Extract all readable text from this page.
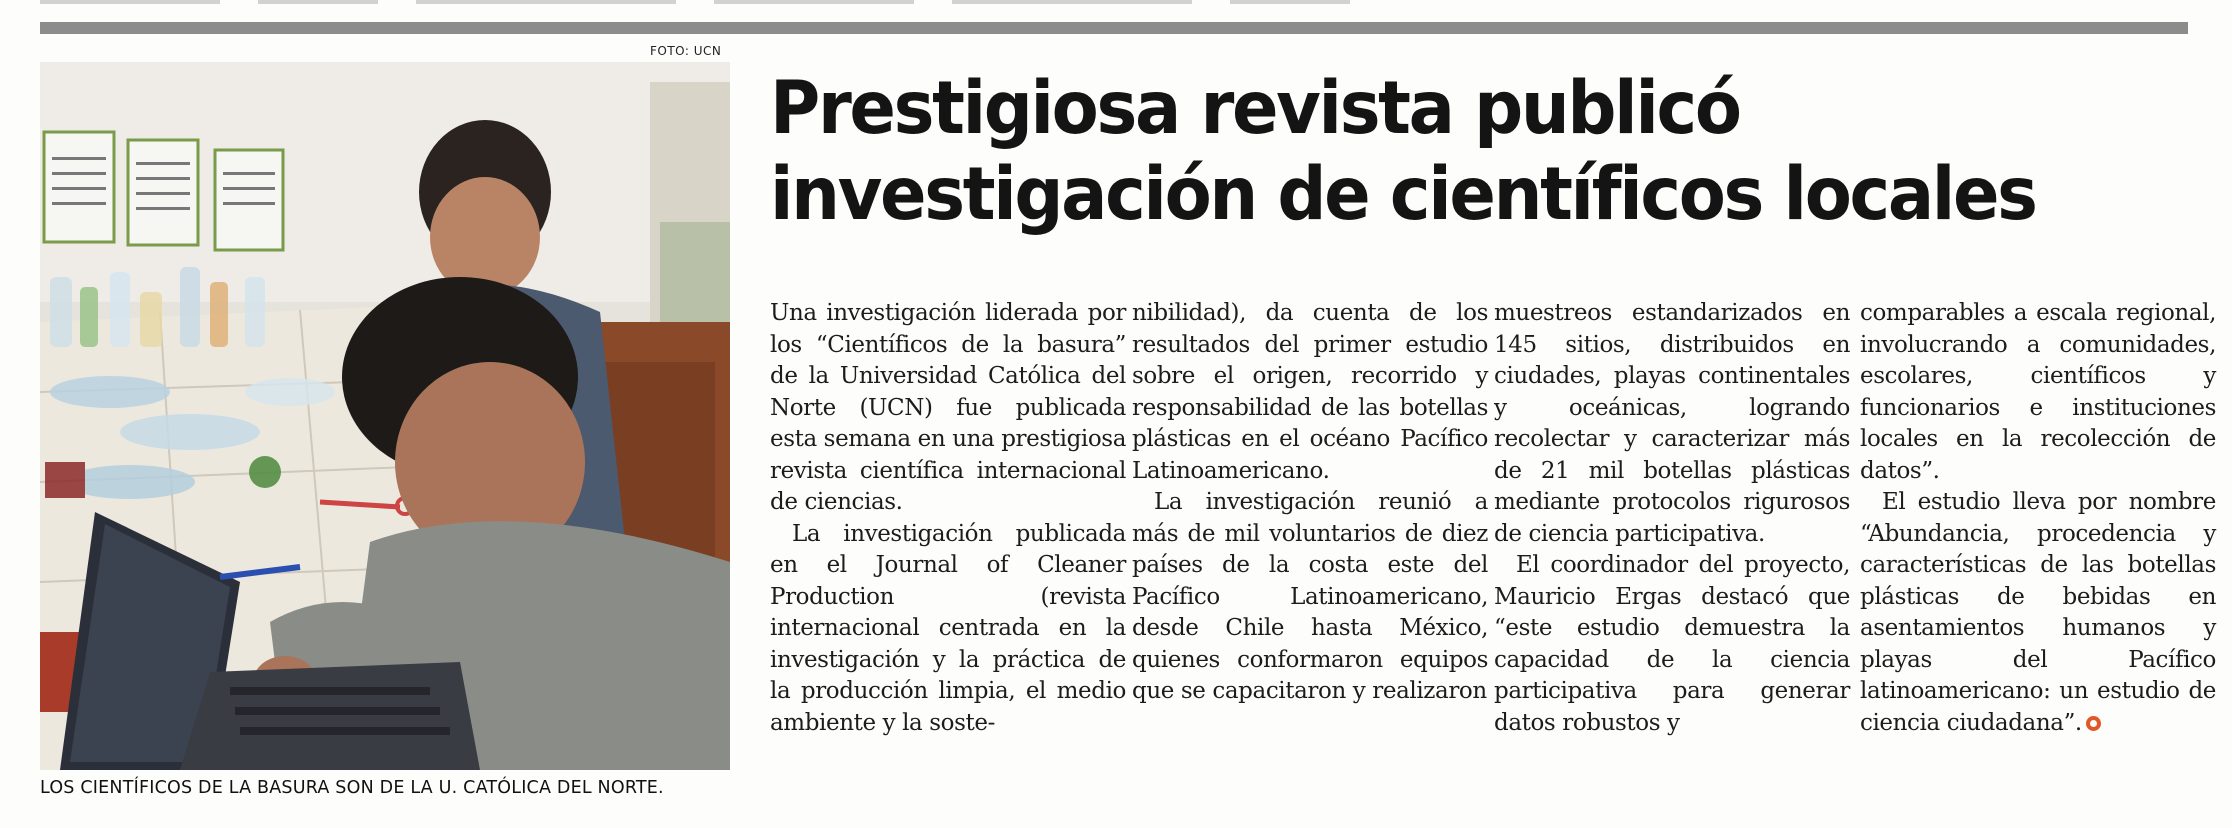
FOTO: UCN
LOS CIENTÍFICOS DE LA BASURA SON DE LA U. CATÓLICA DEL NORTE.
Prestigiosa revista publicó
investigación de científicos locales

Una investigación liderada por los “Científicos de la basura” de la Universidad Católica del Norte (UCN) fue publicada esta semana en una prestigiosa revista científica internacional de ciencias.

La investigación publicada en el Journal of Cleaner Production (revista internacional centrada en la investigación y la práctica de la producción limpia, el medio ambiente y la soste-

nibilidad), da cuenta de los resultados del primer estudio sobre el origen, recorrido y responsabilidad de las botellas plásticas en el océano Pacífico Latinoamericano.

La investigación reunió a más de mil voluntarios de diez países de la costa este del Pacífico Latinoamericano, desde Chile hasta México, quienes conformaron equipos que se capacitaron y realizaron

muestreos estandarizados en 145 sitios, distribuidos en ciudades, playas continentales y oceánicas, logrando recolectar y caracterizar más de 21 mil botellas plásticas mediante protocolos rigurosos de ciencia participativa.

El coordinador del proyecto, Mauricio Ergas destacó que “este estudio demuestra la capacidad de la ciencia participativa para generar datos robustos y

comparables a escala regional, involucrando a comunidades, escolares, científicos y funcionarios e instituciones locales en la recolección de datos”.

El estudio lleva por nombre “Abundancia, procedencia y características de las botellas plásticas de bebidas en asentamientos humanos y playas del Pacífico latinoamericano: un estudio de ciencia ciudadana”.
